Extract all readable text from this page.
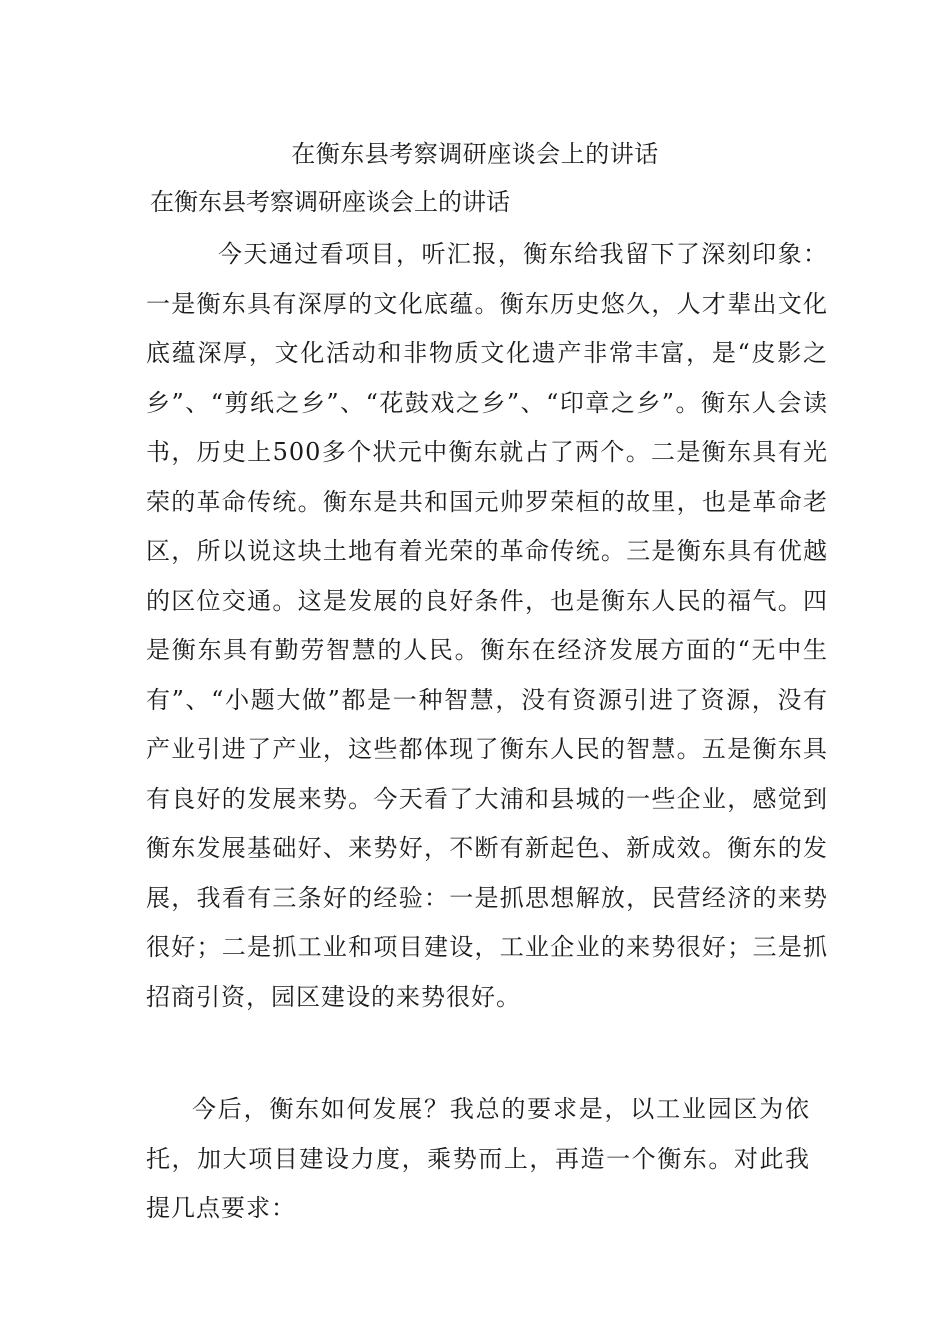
在衡东县考察调研座谈会上的讲话
在衡东县考察调研座谈会上的讲话

今天通过看项目，听汇报，衡东给我留下了深刻印象：一是衡东具有深厚的文化底蕴。衡东历史悠久，人才辈出文化底蕴深厚，文化活动和非物质文化遗产非常丰富，是“皮影之乡”、“剪纸之乡”、“花鼓戏之乡”、“印章之乡”。衡东人会读书，历史上500多个状元中衡东就占了两个。二是衡东具有光荣的革命传统。衡东是共和国元帅罗荣桓的故里，也是革命老区，所以说这块土地有着光荣的革命传统。三是衡东具有优越的区位交通。这是发展的良好条件，也是衡东人民的福气。四是衡东具有勤劳智慧的人民。衡东在经济发展方面的“无中生有”、“小题大做”都是一种智慧，没有资源引进了资源，没有产业引进了产业，这些都体现了衡东人民的智慧。五是衡东具有良好的发展来势。今天看了大浦和县城的一些企业，感觉到衡东发展基础好、来势好，不断有新起色、新成效。衡东的发展，我看有三条好的经验：一是抓思想解放，民营经济的来势很好；二是抓工业和项目建设，工业企业的来势很好；三是抓招商引资，园区建设的来势很好。

今后，衡东如何发展？我总的要求是，以工业园区为依托，加大项目建设力度，乘势而上，再造一个衡东。对此我提几点要求：
